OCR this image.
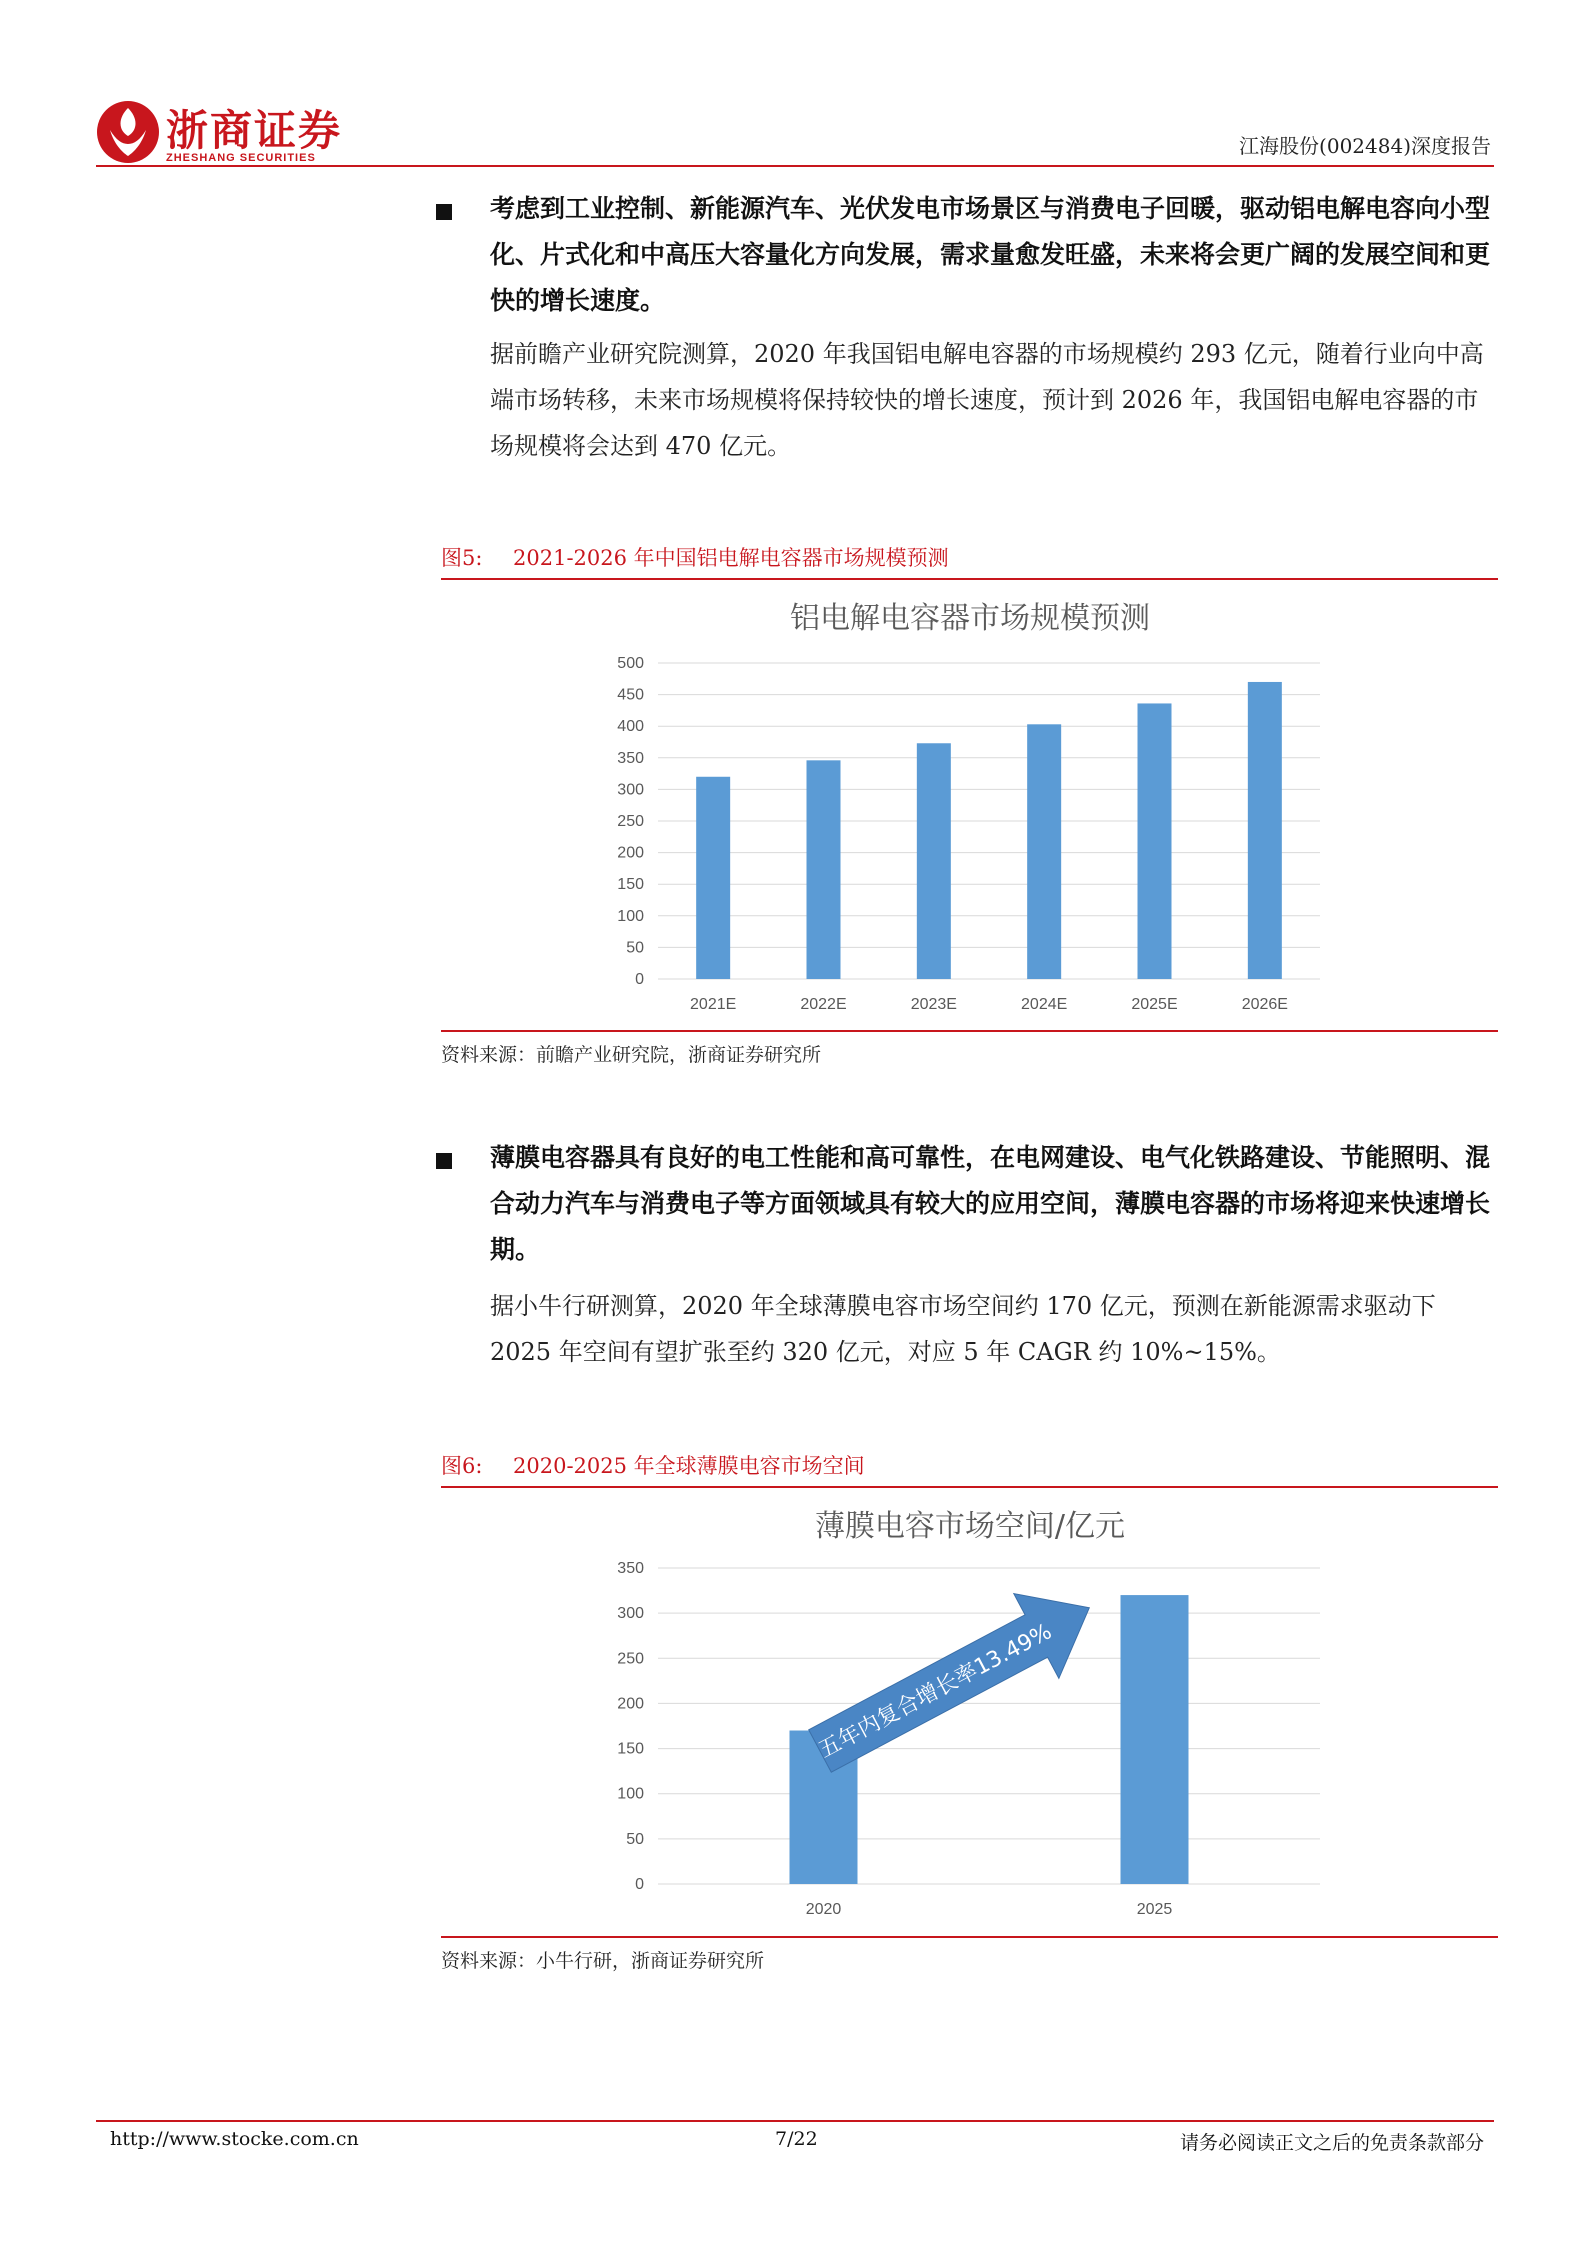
浙商证券
ZHESHANG SECURITIES	江海股份(002484)深度报告
考虑到工业控制、新能源汽车、光伏发电市场景区与消费电子回暖，驱动铝电解电容向小型化、片式化和中高压大容量化方向发展，需求量愈发旺盛，未来将会更广阔的发展空间和更快的增长速度。
据前瞻产业研究院测算，2020 年我国铝电解电容器的市场规模约 293 亿元，随着行业向中高端市场转移，未来市场规模将保持较快的增长速度，预计到 2026 年，我国铝电解电容器的市场规模将会达到 470 亿元。
图5: 2021-2026 年中国铝电解电容器市场规模预测
铝电解电容器市场规模预测
0
50
100
150
200
250
300
350
400
450
500
2021E	2022E	2023E	2024E	2025E	2026E
资料来源：前瞻产业研究院，浙商证券研究所
薄膜电容器具有良好的电工性能和高可靠性，在电网建设、电气化铁路建设、节能照明、混合动力汽车与消费电子等方面领域具有较大的应用空间，薄膜电容器的市场将迎来快速增长期。
据小牛行研测算，2020 年全球薄膜电容市场空间约 170 亿元，预测在新能源需求驱动下 2025 年空间有望扩张至约 320 亿元，对应 5 年 CAGR 约 10%~15%。
图6: 2020-2025 年全球薄膜电容市场空间
薄膜电容市场空间/亿元
0
50
100
150
200
250
300
350
2020	2025
五年内复合增长率13.49%
资料来源：小牛行研，浙商证券研究所
http://www.stocke.com.cn	7/22	请务必阅读正文之后的免责条款部分
